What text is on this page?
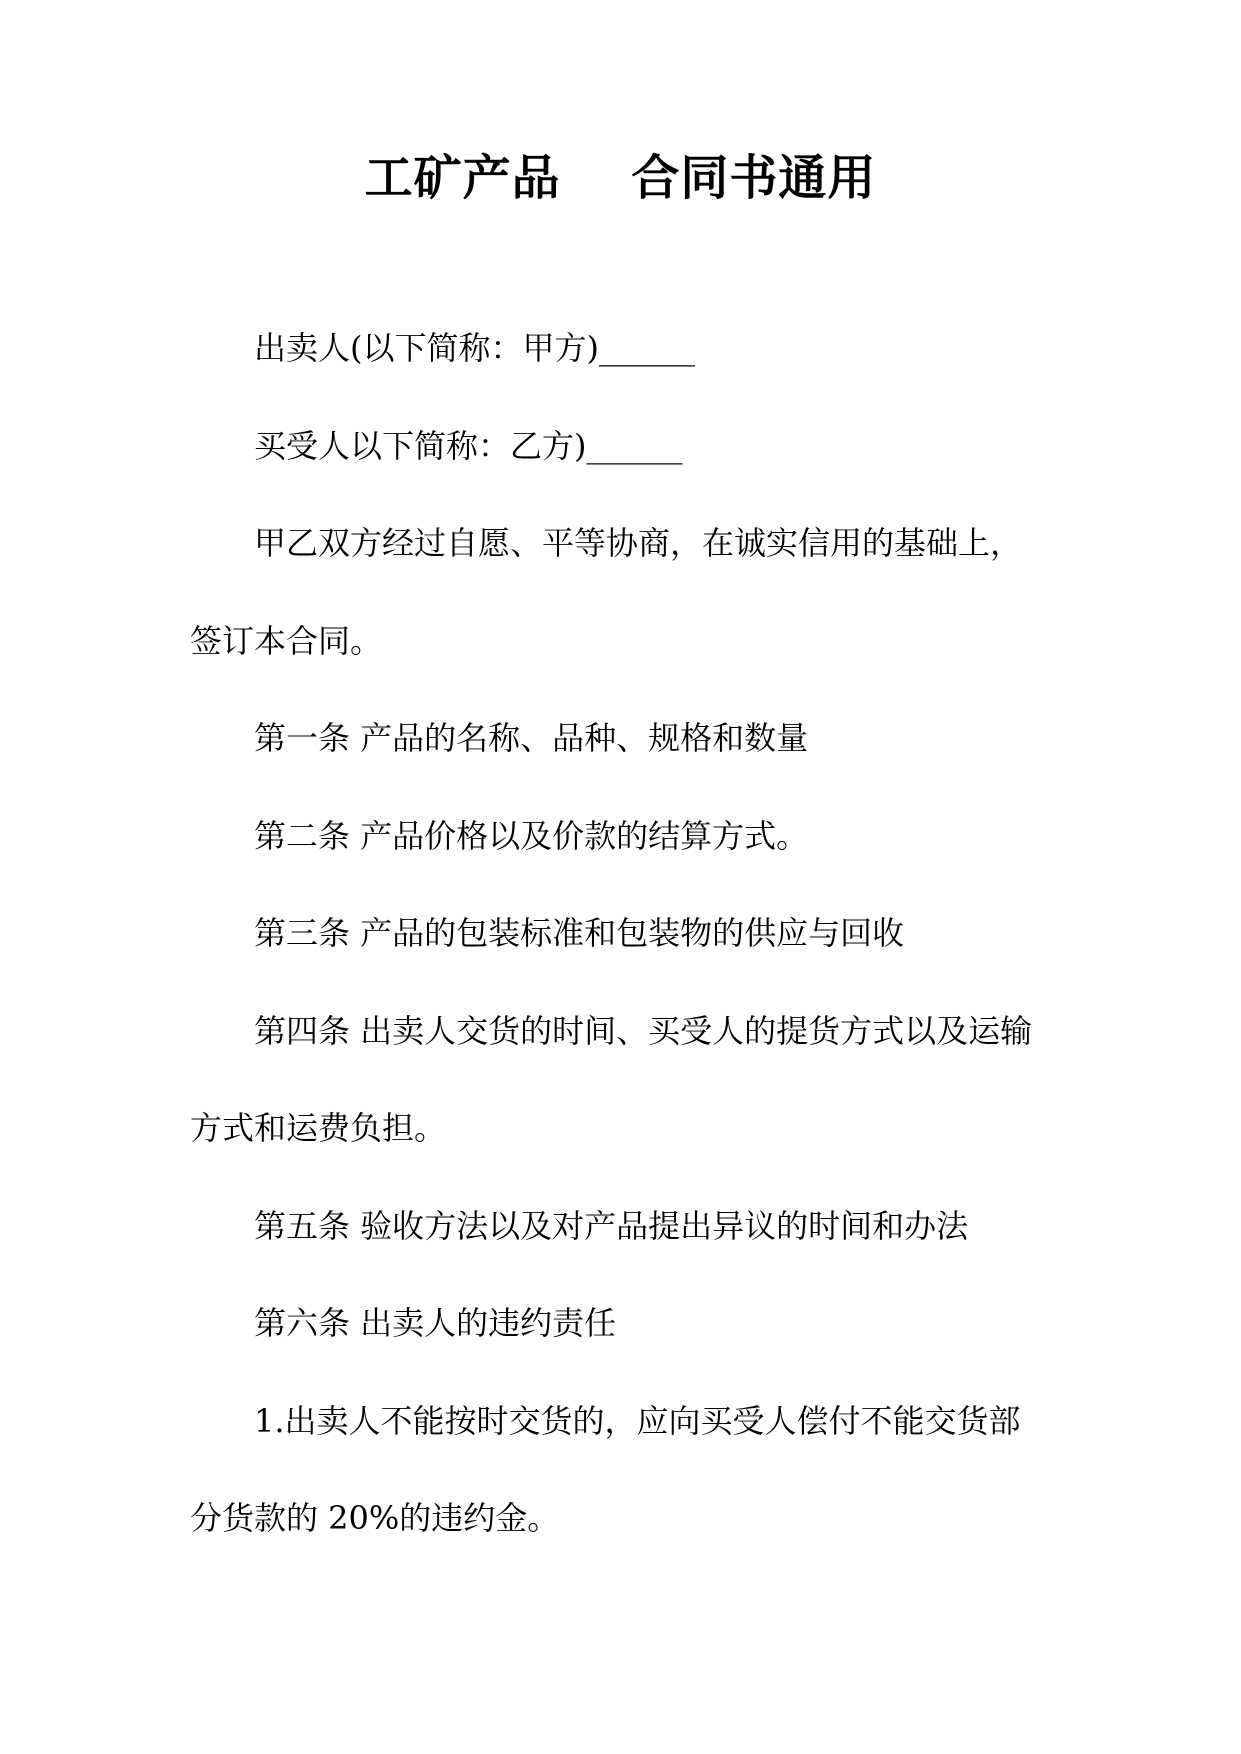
工矿产品    合同书通用

出卖人(以下简称：甲方)______

买受人以下简称：乙方)______

甲乙双方经过自愿、平等协商，在诚实信用的基础上，签订本合同。

第一条 产品的名称、品种、规格和数量

第二条 产品价格以及价款的结算方式。

第三条 产品的包装标准和包装物的供应与回收

第四条 出卖人交货的时间、买受人的提货方式以及运输方式和运费负担。

第五条 验收方法以及对产品提出异议的时间和办法

第六条 出卖人的违约责任

1.出卖人不能按时交货的，应向买受人偿付不能交货部分货款的 20%的违约金。
